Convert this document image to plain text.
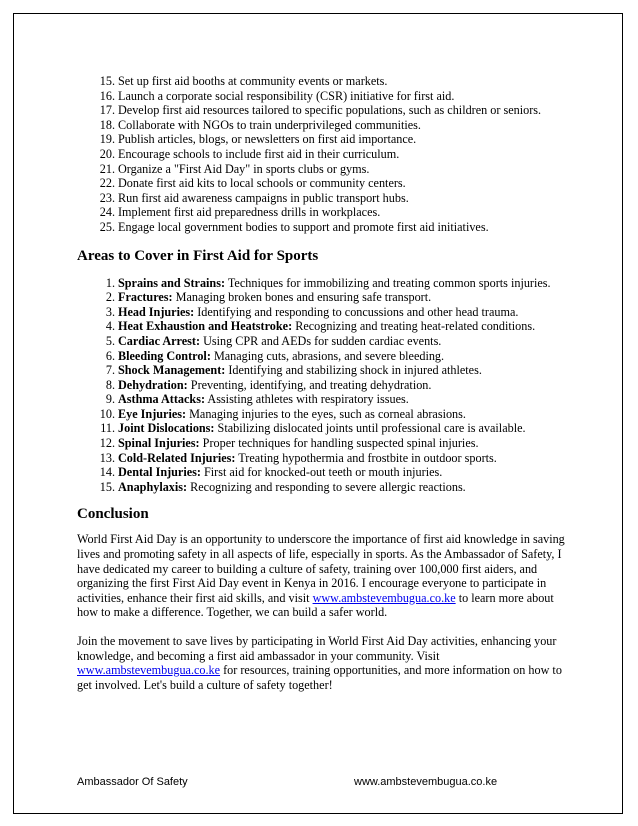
15. Set up first aid booths at community events or markets.
16. Launch a corporate social responsibility (CSR) initiative for first aid.
17. Develop first aid resources tailored to specific populations, such as children or seniors.
18. Collaborate with NGOs to train underprivileged communities.
19. Publish articles, blogs, or newsletters on first aid importance.
20. Encourage schools to include first aid in their curriculum.
21. Organize a "First Aid Day" in sports clubs or gyms.
22. Donate first aid kits to local schools or community centers.
23. Run first aid awareness campaigns in public transport hubs.
24. Implement first aid preparedness drills in workplaces.
25. Engage local government bodies to support and promote first aid initiatives.
Areas to Cover in First Aid for Sports
1. Sprains and Strains: Techniques for immobilizing and treating common sports injuries.
2. Fractures: Managing broken bones and ensuring safe transport.
3. Head Injuries: Identifying and responding to concussions and other head trauma.
4. Heat Exhaustion and Heatstroke: Recognizing and treating heat-related conditions.
5. Cardiac Arrest: Using CPR and AEDs for sudden cardiac events.
6. Bleeding Control: Managing cuts, abrasions, and severe bleeding.
7. Shock Management: Identifying and stabilizing shock in injured athletes.
8. Dehydration: Preventing, identifying, and treating dehydration.
9. Asthma Attacks: Assisting athletes with respiratory issues.
10. Eye Injuries: Managing injuries to the eyes, such as corneal abrasions.
11. Joint Dislocations: Stabilizing dislocated joints until professional care is available.
12. Spinal Injuries: Proper techniques for handling suspected spinal injuries.
13. Cold-Related Injuries: Treating hypothermia and frostbite in outdoor sports.
14. Dental Injuries: First aid for knocked-out teeth or mouth injuries.
15. Anaphylaxis: Recognizing and responding to severe allergic reactions.
Conclusion

World First Aid Day is an opportunity to underscore the importance of first aid knowledge in saving lives and promoting safety in all aspects of life, especially in sports. As the Ambassador of Safety, I have dedicated my career to building a culture of safety, training over 100,000 first aiders, and organizing the first First Aid Day event in Kenya in 2016. I encourage everyone to participate in activities, enhance their first aid skills, and visit www.ambstevembugua.co.ke to learn more about how to make a difference. Together, we can build a safer world.

Join the movement to save lives by participating in World First Aid Day activities, enhancing your knowledge, and becoming a first aid ambassador in your community. Visit www.ambstevembugua.co.ke for resources, training opportunities, and more information on how to get involved. Let's build a culture of safety together!

Ambassador Of Safety	www.ambstevembugua.co.ke
